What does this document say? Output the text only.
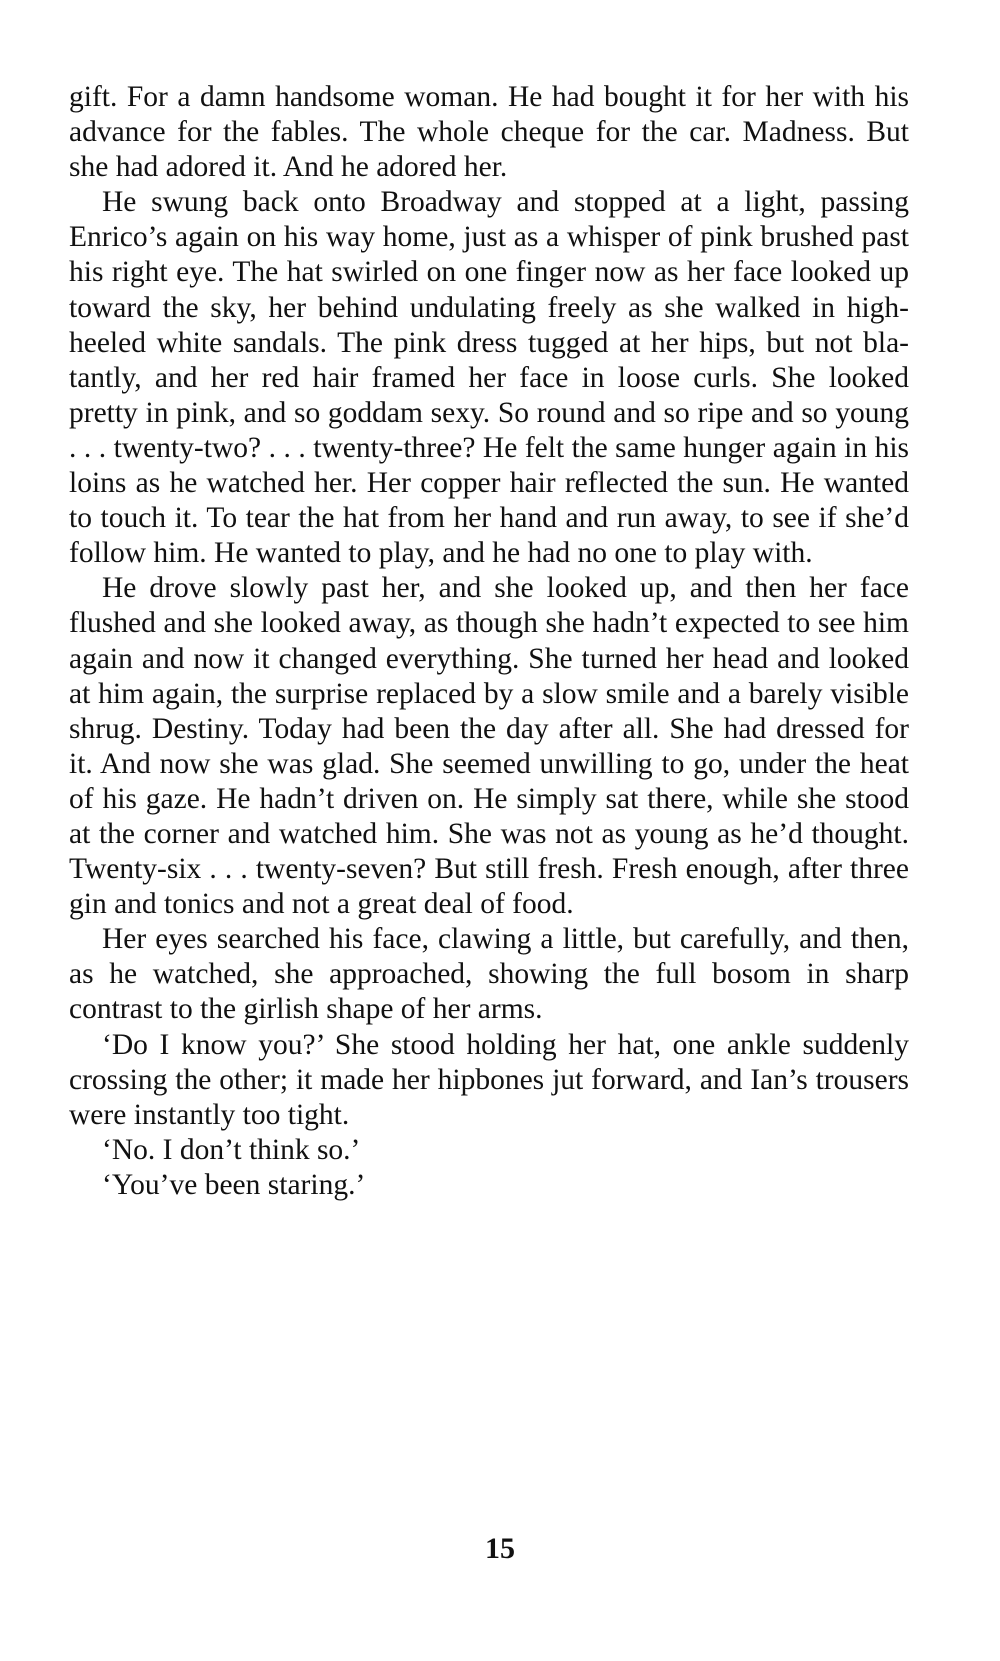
gift. For a damn handsome woman. He had bought it for her with his advance for the fables. The whole cheque for the car. Madness. But she had adored it. And he adored her.

He swung back onto Broadway and stopped at a light, passing Enrico’s again on his way home, just as a whisper of pink brushed past his right eye. The hat swirled on one finger now as her face looked up toward the sky, her behind undulating freely as she walked in high-heeled white sandals. The pink dress tugged at her hips, but not blatantly, and her red hair framed her face in loose curls. She looked pretty in pink, and so goddam sexy. So round and so ripe and so young . . . twenty-two? . . . twenty-three? He felt the same hunger again in his loins as he watched her. Her copper hair reflected the sun. He wanted to touch it. To tear the hat from her hand and run away, to see if she’d follow him. He wanted to play, and he had no one to play with.

He drove slowly past her, and she looked up, and then her face flushed and she looked away, as though she hadn’t expected to see him again and now it changed everything. She turned her head and looked at him again, the surprise replaced by a slow smile and a barely visible shrug. Destiny. Today had been the day after all. She had dressed for it. And now she was glad. She seemed unwilling to go, under the heat of his gaze. He hadn’t driven on. He simply sat there, while she stood at the corner and watched him. She was not as young as he’d thought. Twenty-six . . . twenty-seven? But still fresh. Fresh enough, after three gin and tonics and not a great deal of food.

Her eyes searched his face, clawing a little, but carefully, and then, as he watched, she approached, showing the full bosom in sharp contrast to the girlish shape of her arms.

‘Do I know you?’ She stood holding her hat, one ankle suddenly crossing the other; it made her hipbones jut forward, and Ian’s trousers were instantly too tight.

‘No. I don’t think so.’

‘You’ve been staring.’

15
